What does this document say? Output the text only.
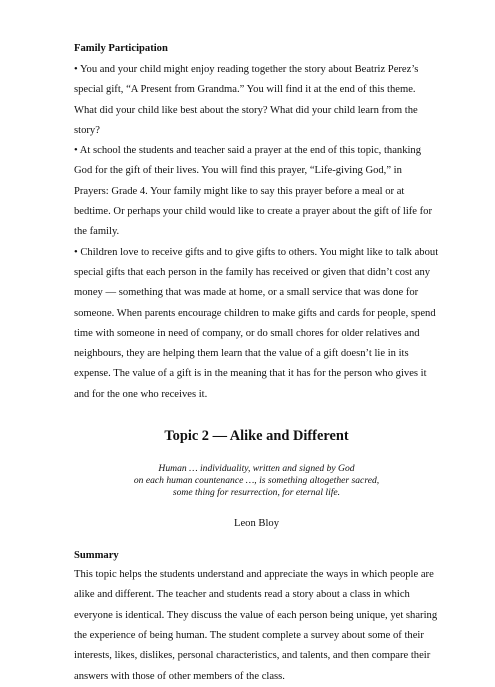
Family Participation

• You and your child might enjoy reading together the story about Beatriz Perez’s special gift, “A Present from Grandma.” You will find it at the end of this theme. What did your child like best about the story? What did your child learn from the story?

• At school the students and teacher said a prayer at the end of this topic, thanking God for the gift of their lives. You will find this prayer, “Life-giving God,” in Prayers: Grade 4. Your family might like to say this prayer before a meal or at bedtime. Or perhaps your child would like to create a prayer about the gift of life for the family.

• Children love to receive gifts and to give gifts to others. You might like to talk about special gifts that each person in the family has received or given that didn’t cost any money — something that was made at home, or a small service that was done for someone. When parents encourage children to make gifts and cards for people, spend time with someone in need of company, or do small chores for older relatives and neighbours, they are helping them learn that the value of a gift doesn’t lie in its expense. The value of a gift is in the meaning that it has for the person who gives it and for the one who receives it.

Topic 2 — Alike and Different

Human … individuality, written and signed by God

on each human countenance …, is something altogether sacred,

some thing for resurrection, for eternal life.

Leon Bloy

Summary

This topic helps the students understand and appreciate the ways in which people are alike and different. The teacher and students read a story about a class in which everyone is identical. They discuss the value of each person being unique, yet sharing the experience of being human. The student complete a survey about some of their interests, likes, dislikes, personal characteristics, and talents, and then compare their answers with those of other members of the class.
